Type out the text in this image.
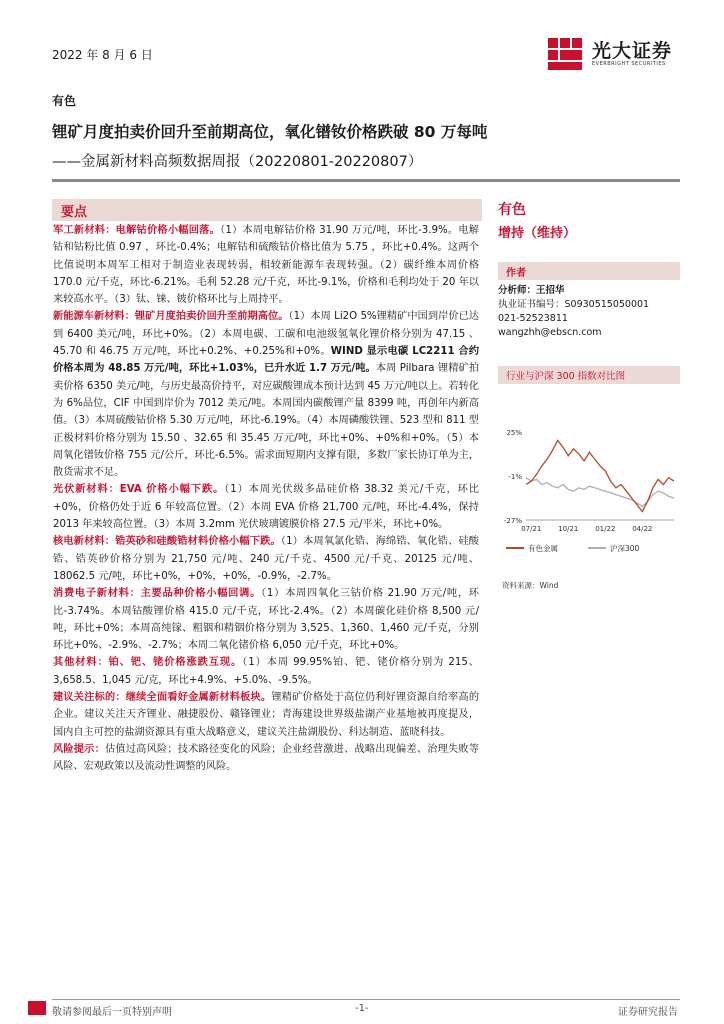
2022 年 8 月 6 日	光大证券
EVERBRIGHT SECURITIES
有色
锂矿月度拍卖价回升至前期高位，氧化镨钕价格跌破 80 万每吨
——金属新材料高频数据周报（20220801-20220807）
要点

军工新材料：电解钴价格小幅回落。（1）本周电解钴价格 31.90 万元/吨，环比-3.9%。电解钴和钴粉比值 0.97 ，环比-0.4%；电解钴和硫酸钴价格比值为 5.75 ，环比+0.4%。这两个比值说明本周军工相对于制造业表现转弱，相较新能源车表现转强。（2）碳纤维本周价格 170.0 元/千克，环比-6.21%。毛利 52.28 元/千克，环比-9.1%，价格和毛利均处于 20 年以来较高水平。（3）钛、铼、铍价格环比与上周持平。

新能源车新材料：锂矿月度拍卖价回升至前期高位。（1）本周 Li2O 5%锂精矿中国到岸价已达到 6400 美元/吨，环比+0%。（2）本周电碳、工碳和电池级氢氧化锂价格分别为 47.15 、45.70 和 46.75 万元/吨，环比+0.2%、+0.25%和+0%。WIND 显示电碳 LC2211 合约价格本周为 48.85 万元/吨，环比+1.03%，已升水近 1.7 万元/吨。本周 Pilbara 锂精矿拍卖价格 6350 美元/吨，与历史最高价持平，对应碳酸锂成本预计达到 45 万元/吨以上。若转化为 6%品位，CIF 中国到岸价为 7012 美元/吨。本周国内碳酸锂产量 8399 吨，再创年内新高值。（3）本周硫酸钴价格 5.30 万元/吨，环比-6.19%。（4）本周磷酸铁锂、523 型和 811 型正极材料价格分别为 15.50 、32.65 和 35.45 万元/吨，环比+0%、+0%和+0%。（5）本周氧化镨钕价格 755 元/公斤，环比-6.5%。需求面短期内支撑有限，多数厂家长协订单为主，散货需求不足。

光伏新材料：EVA 价格小幅下跌。（1）本周光伏级多晶硅价格 38.32 美元/千克，环比+0%，价格仍处于近 6 年较高位置。（2）本周 EVA 价格 21,700 元/吨，环比-4.4%，保持 2013 年来较高位置。（3）本周 3.2mm 光伏玻璃镀膜价格 27.5 元/平米，环比+0%。

核电新材料：锆英砂和硅酸锆材料价格小幅下跌。（1）本周氧氯化锆、海绵锆、氧化锆、硅酸锆、锆英砂价格分别为 21,750 元/吨、240 元/千克、4500 元/千克、20125 元/吨、18062.5 元/吨，环比+0%，+0%，+0%，-0.9%，-2.7%。

消费电子新材料：主要品种价格小幅回调。（1）本周四氧化三钴价格 21.90 万元/吨，环比-3.74%。本周钴酸锂价格 415.0 元/千克，环比-2.4%。（2）本周碳化硅价格 8,500 元/吨，环比+0%；本周高纯镓、粗铟和精铟价格分别为 3,525、1,360、1,460 元/千克，分别环比+0%、-2.9%、-2.7%；本周二氧化锗价格 6,050 元/千克，环比+0%。

其他材料：铂、钯、铑价格涨跌互现。（1）本周 99.95%铂、钯、铑价格分别为 215、3,658.5、1,045 元/克，环比+4.9%、+5.0%、-9.5%。

建议关注标的：继续全面看好金属新材料板块。锂精矿价格处于高位仍利好锂资源自给率高的企业。建议关注天齐锂业、融捷股份、赣锋锂业；青海建设世界级盐湖产业基地被再度提及，国内自主可控的盐湖资源具有重大战略意义，建议关注盐湖股份、科达制造、蓝晓科技。

风险提示：估值过高风险；技术路径变化的风险；企业经营激进、战略出现偏差、治理失败等风险、宏观政策以及流动性调整的风险。

有色
增持（维持）
作者
分析师：王招华
执业证书编号：S0930515050001
021-52523811
wangzhh@ebscn.com
行业与沪深 300 指数对比图
25%
-1%
-27%
07/21 10/21 01/22 04/22
有色金属	沪深300
资料来源：Wind
敬请参阅最后一页特别声明	-1-	证券研究报告
